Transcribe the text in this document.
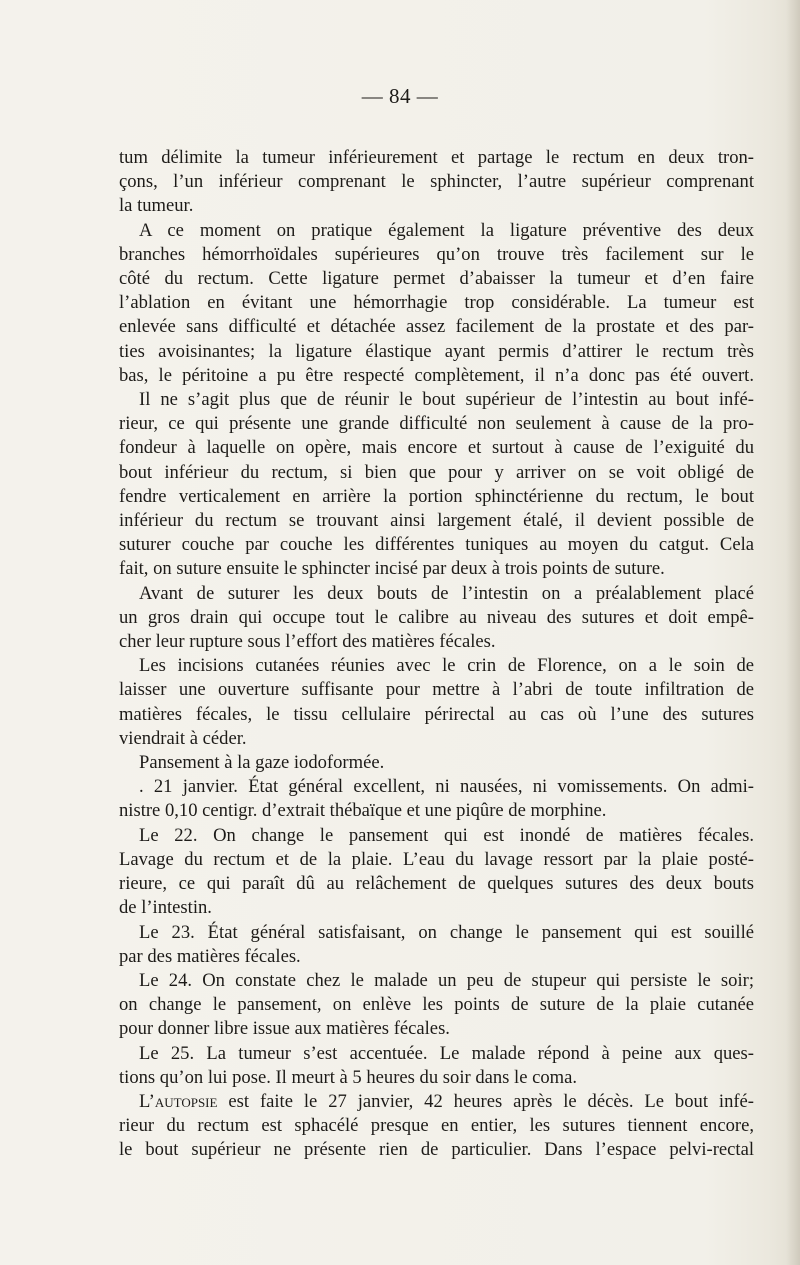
— 84 —
tum délimite la tumeur inférieurement et partage le rectum en deux tron-
çons, l’un inférieur comprenant le sphincter, l’autre supérieur comprenant
la tumeur.
A ce moment on pratique également la ligature préventive des deux
branches hémorrhoïdales supérieures qu’on trouve très facilement sur le
côté du rectum. Cette ligature permet d’abaisser la tumeur et d’en faire
l’ablation en évitant une hémorrhagie trop considérable. La tumeur est
enlevée sans difficulté et détachée assez facilement de la prostate et des par-
ties avoisinantes; la ligature élastique ayant permis d’attirer le rectum très
bas, le péritoine a pu être respecté complètement, il n’a donc pas été ouvert.
Il ne s’agit plus que de réunir le bout supérieur de l’intestin au bout infé-
rieur, ce qui présente une grande difficulté non seulement à cause de la pro-
fondeur à laquelle on opère, mais encore et surtout à cause de l’exiguité du
bout inférieur du rectum, si bien que pour y arriver on se voit obligé de
fendre verticalement en arrière la portion sphinctérienne du rectum, le bout
inférieur du rectum se trouvant ainsi largement étalé, il devient possible de
suturer couche par couche les différentes tuniques au moyen du catgut. Cela
fait, on suture ensuite le sphincter incisé par deux à trois points de suture.
Avant de suturer les deux bouts de l’intestin on a préalablement placé
un gros drain qui occupe tout le calibre au niveau des sutures et doit empê-
cher leur rupture sous l’effort des matières fécales.
Les incisions cutanées réunies avec le crin de Florence, on a le soin de
laisser une ouverture suffisante pour mettre à l’abri de toute infiltration de
matières fécales, le tissu cellulaire périrectal au cas où l’une des sutures
viendrait à céder.
Pansement à la gaze iodoformée.
. 21 janvier. État général excellent, ni nausées, ni vomissements. On admi-
nistre 0,10 centigr. d’extrait thébaïque et une piqûre de morphine.
Le 22. On change le pansement qui est inondé de matières fécales.
Lavage du rectum et de la plaie. L’eau du lavage ressort par la plaie posté-
rieure, ce qui paraît dû au relâchement de quelques sutures des deux bouts
de l’intestin.
Le 23. État général satisfaisant, on change le pansement qui est souillé
par des matières fécales.
Le 24. On constate chez le malade un peu de stupeur qui persiste le soir;
on change le pansement, on enlève les points de suture de la plaie cutanée
pour donner libre issue aux matières fécales.
Le 25. La tumeur s’est accentuée. Le malade répond à peine aux ques-
tions qu’on lui pose. Il meurt à 5 heures du soir dans le coma.
L’autopsie est faite le 27 janvier, 42 heures après le décès. Le bout infé-
rieur du rectum est sphacélé presque en entier, les sutures tiennent encore,
le bout supérieur ne présente rien de particulier. Dans l’espace pelvi-rectal
